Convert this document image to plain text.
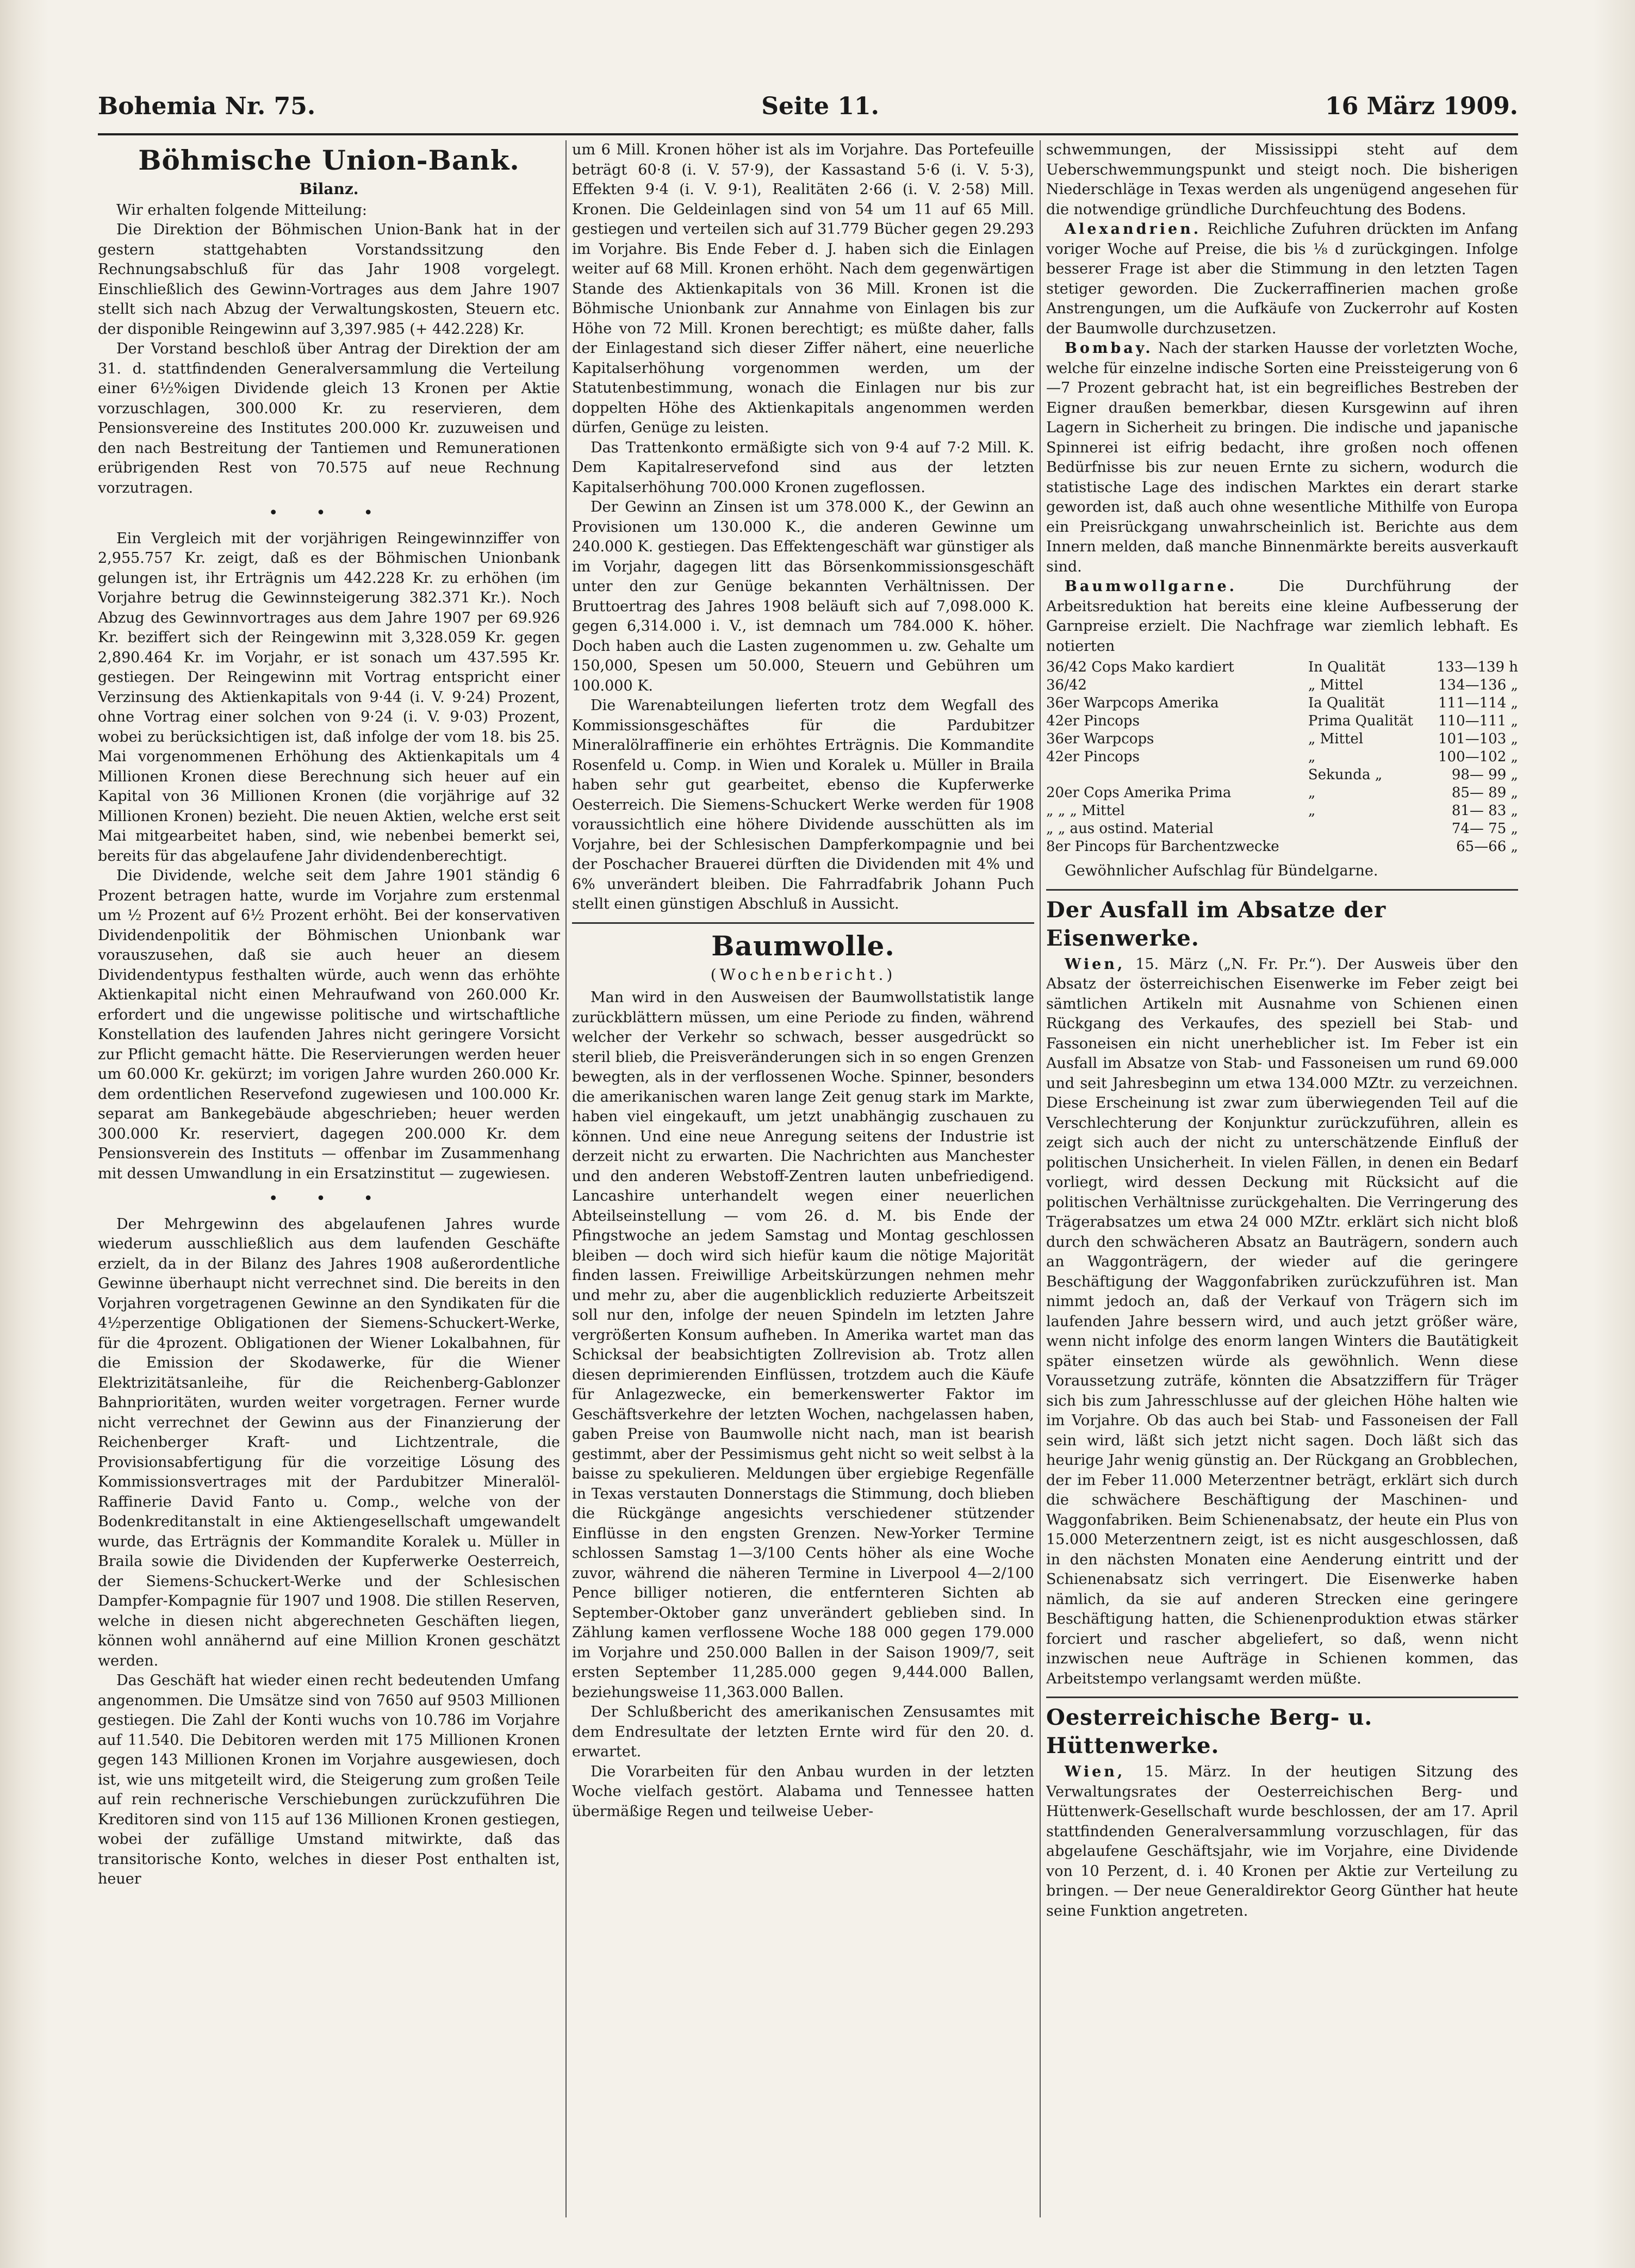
Bohemia Nr. 75.	Seite 11.	16 März 1909.
Böhmische Union-Bank.
Bilanz.

Wir erhalten folgende Mitteilung:

Die Direktion der Böhmischen Union-Bank hat in der gestern stattgehabten Vorstandssitzung den Rechnungsabschluß für das Jahr 1908 vorgelegt. Einschließlich des Gewinn-Vortrages aus dem Jahre 1907 stellt sich nach Abzug der Verwaltungskosten, Steuern etc. der disponible Reingewinn auf 3,397.985 (+ 442.228) Kr.

Der Vorstand beschloß über Antrag der Direktion der am 31. d. stattfindenden Generalversammlung die Verteilung einer 6½%igen Dividende gleich 13 Kronen per Aktie vorzuschlagen, 300.000 Kr. zu reservieren, dem Pensionsvereine des Institutes 200.000 Kr. zuzuweisen und den nach Bestreitung der Tantiemen und Remunerationen erübrigenden Rest von 70.575 auf neue Rechnung vorzutragen.

• • •

Ein Vergleich mit der vorjährigen Reingewinnziffer von 2,955.757 Kr. zeigt, daß es der Böhmischen Unionbank gelungen ist, ihr Erträgnis um 442.228 Kr. zu erhöhen (im Vorjahre betrug die Gewinnsteigerung 382.371 Kr.). Noch Abzug des Gewinnvortrages aus dem Jahre 1907 per 69.926 Kr. beziffert sich der Reingewinn mit 3,328.059 Kr. gegen 2,890.464 Kr. im Vorjahr, er ist sonach um 437.595 Kr. gestiegen. Der Reingewinn mit Vortrag entspricht einer Verzinsung des Aktienkapitals von 9·44 (i. V. 9·24) Prozent, ohne Vortrag einer solchen von 9·24 (i. V. 9·03) Prozent, wobei zu berücksichtigen ist, daß infolge der vom 18. bis 25. Mai vorgenommenen Erhöhung des Aktienkapitals um 4 Millionen Kronen diese Berechnung sich heuer auf ein Kapital von 36 Millionen Kronen (die vorjährige auf 32 Millionen Kronen) bezieht. Die neuen Aktien, welche erst seit Mai mitgearbeitet haben, sind, wie nebenbei bemerkt sei, bereits für das abgelaufene Jahr dividendenberechtigt.

Die Dividende, welche seit dem Jahre 1901 ständig 6 Prozent betragen hatte, wurde im Vorjahre zum erstenmal um ½ Prozent auf 6½ Prozent erhöht. Bei der konservativen Dividendenpolitik der Böhmischen Unionbank war vorauszusehen, daß sie auch heuer an diesem Dividendentypus festhalten würde, auch wenn das erhöhte Aktienkapital nicht einen Mehraufwand von 260.000 Kr. erfordert und die ungewisse politische und wirtschaftliche Konstellation des laufenden Jahres nicht geringere Vorsicht zur Pflicht gemacht hätte. Die Reservierungen werden heuer um 60.000 Kr. gekürzt; im vorigen Jahre wurden 260.000 Kr. dem ordentlichen Reservefond zugewiesen und 100.000 Kr. separat am Bankegebäude abgeschrieben; heuer werden 300.000 Kr. reserviert, dagegen 200.000 Kr. dem Pensionsverein des Instituts — offenbar im Zusammenhang mit dessen Umwandlung in ein Ersatzinstitut — zugewiesen.

• • •

Der Mehrgewinn des abgelaufenen Jahres wurde wiederum ausschließlich aus dem laufenden Geschäfte erzielt, da in der Bilanz des Jahres 1908 außerordentliche Gewinne überhaupt nicht verrechnet sind. Die bereits in den Vorjahren vorgetragenen Gewinne an den Syndikaten für die 4½perzentige Obligationen der Siemens-Schuckert-Werke, für die 4prozent. Obligationen der Wiener Lokalbahnen, für die Emission der Skodawerke, für die Wiener Elektrizitätsanleihe, für die Reichenberg-Gablonzer Bahnprioritäten, wurden weiter vorgetragen. Ferner wurde nicht verrechnet der Gewinn aus der Finanzierung der Reichenberger Kraft- und Lichtzentrale, die Provisionsabfertigung für die vorzeitige Lösung des Kommissionsvertrages mit der Pardubitzer Mineralöl-Raffinerie David Fanto u. Comp., welche von der Bodenkreditanstalt in eine Aktiengesellschaft umgewandelt wurde, das Erträgnis der Kommandite Koralek u. Müller in Braila sowie die Dividenden der Kupferwerke Oesterreich, der Siemens-Schuckert-Werke und der Schlesischen Dampfer-Kompagnie für 1907 und 1908. Die stillen Reserven, welche in diesen nicht abgerechneten Geschäften liegen, können wohl annähernd auf eine Million Kronen geschätzt werden.

Das Geschäft hat wieder einen recht bedeutenden Umfang angenommen. Die Umsätze sind von 7650 auf 9503 Millionen gestiegen. Die Zahl der Konti wuchs von 10.786 im Vorjahre auf 11.540. Die Debitoren werden mit 175 Millionen Kronen gegen 143 Millionen Kronen im Vorjahre ausgewiesen, doch ist, wie uns mitgeteilt wird, die Steigerung zum großen Teile auf rein rechnerische Verschiebungen zurückzuführen Die Kreditoren sind von 115 auf 136 Millionen Kronen gestiegen, wobei der zufällige Umstand mitwirkte, daß das transitorische Konto, welches in dieser Post enthalten ist, heuer

um 6 Mill. Kronen höher ist als im Vorjahre. Das Portefeuille beträgt 60·8 (i. V. 57·9), der Kassastand 5·6 (i. V. 5·3), Effekten 9·4 (i. V. 9·1), Realitäten 2·66 (i. V. 2·58) Mill. Kronen. Die Geldeinlagen sind von 54 um 11 auf 65 Mill. gestiegen und verteilen sich auf 31.779 Bücher gegen 29.293 im Vorjahre. Bis Ende Feber d. J. haben sich die Einlagen weiter auf 68 Mill. Kronen erhöht. Nach dem gegenwärtigen Stande des Aktienkapitals von 36 Mill. Kronen ist die Böhmische Unionbank zur Annahme von Einlagen bis zur Höhe von 72 Mill. Kronen berechtigt; es müßte daher, falls der Einlagestand sich dieser Ziffer nähert, eine neuerliche Kapitalserhöhung vorgenommen werden, um der Statutenbestimmung, wonach die Einlagen nur bis zur doppelten Höhe des Aktienkapitals angenommen werden dürfen, Genüge zu leisten.

Das Trattenkonto ermäßigte sich von 9·4 auf 7·2 Mill. K. Dem Kapitalreservefond sind aus der letzten Kapitalserhöhung 700.000 Kronen zugeflossen.

Der Gewinn an Zinsen ist um 378.000 K., der Gewinn an Provisionen um 130.000 K., die anderen Gewinne um 240.000 K. gestiegen. Das Effektengeschäft war günstiger als im Vorjahr, dagegen litt das Börsenkommissionsgeschäft unter den zur Genüge bekannten Verhältnissen. Der Bruttoertrag des Jahres 1908 beläuft sich auf 7,098.000 K. gegen 6,314.000 i. V., ist demnach um 784.000 K. höher. Doch haben auch die Lasten zugenommen u. zw. Gehalte um 150,000, Spesen um 50.000, Steuern und Gebühren um 100.000 K.

Die Warenabteilungen lieferten trotz dem Wegfall des Kommissionsgeschäftes für die Pardubitzer Mineralölraffinerie ein erhöhtes Erträgnis. Die Kommandite Rosenfeld u. Comp. in Wien und Koralek u. Müller in Braila haben sehr gut gearbeitet, ebenso die Kupferwerke Oesterreich. Die Siemens-Schuckert Werke werden für 1908 voraussichtlich eine höhere Dividende ausschütten als im Vorjahre, bei der Schlesischen Dampferkompagnie und bei der Poschacher Brauerei dürften die Dividenden mit 4% und 6% unverändert bleiben. Die Fahrradfabrik Johann Puch stellt einen günstigen Abschluß in Aussicht.

Baumwolle.
(Wochenbericht.)

Man wird in den Ausweisen der Baumwollstatistik lange zurückblättern müssen, um eine Periode zu finden, während welcher der Verkehr so schwach, besser ausgedrückt so steril blieb, die Preisveränderungen sich in so engen Grenzen bewegten, als in der verflossenen Woche. Spinner, besonders die amerikanischen waren lange Zeit genug stark im Markte, haben viel eingekauft, um jetzt unabhängig zuschauen zu können. Und eine neue Anregung seitens der Industrie ist derzeit nicht zu erwarten. Die Nachrichten aus Manchester und den anderen Webstoff-Zentren lauten unbefriedigend. Lancashire unterhandelt wegen einer neuerlichen Abteilseinstellung — vom 26. d. M. bis Ende der Pfingstwoche an jedem Samstag und Montag geschlossen bleiben — doch wird sich hiefür kaum die nötige Majorität finden lassen. Freiwillige Arbeitskürzungen nehmen mehr und mehr zu, aber die augenblicklich reduzierte Arbeitszeit soll nur den, infolge der neuen Spindeln im letzten Jahre vergrößerten Konsum aufheben. In Amerika wartet man das Schicksal der beabsichtigten Zollrevision ab. Trotz allen diesen deprimierenden Einflüssen, trotzdem auch die Käufe für Anlagezwecke, ein bemerkenswerter Faktor im Geschäftsverkehre der letzten Wochen, nachgelassen haben, gaben Preise von Baumwolle nicht nach, man ist bearish gestimmt, aber der Pessimismus geht nicht so weit selbst à la baisse zu spekulieren. Meldungen über ergiebige Regenfälle in Texas verstauten Donnerstags die Stimmung, doch blieben die Rückgänge angesichts verschiedener stützender Einflüsse in den engsten Grenzen. New-Yorker Termine schlossen Samstag 1—3/100 Cents höher als eine Woche zuvor, während die näheren Termine in Liverpool 4—2/100 Pence billiger notieren, die entfernteren Sichten ab September-Oktober ganz unverändert geblieben sind. In Zählung kamen verflossene Woche 188 000 gegen 179.000 im Vorjahre und 250.000 Ballen in der Saison 1909/7, seit ersten September 11,285.000 gegen 9,444.000 Ballen, beziehungsweise 11,363.000 Ballen.

Der Schlußbericht des amerikanischen Zensusamtes mit dem Endresultate der letzten Ernte wird für den 20. d. erwartet.

Die Vorarbeiten für den Anbau wurden in der letzten Woche vielfach gestört. Alabama und Tennessee hatten übermäßige Regen und teilweise Ueber-

schwemmungen, der Mississippi steht auf dem Ueberschwemmungspunkt und steigt noch. Die bisherigen Niederschläge in Texas werden als ungenügend angesehen für die notwendige gründliche Durchfeuchtung des Bodens.

Alexandrien. Reichliche Zufuhren drückten im Anfang voriger Woche auf Preise, die bis ⅛ d zurückgingen. Infolge besserer Frage ist aber die Stimmung in den letzten Tagen stetiger geworden. Die Zuckerraffinerien machen große Anstrengungen, um die Aufkäufe von Zuckerrohr auf Kosten der Baumwolle durchzusetzen.

Bombay. Nach der starken Hausse der vorletzten Woche, welche für einzelne indische Sorten eine Preissteigerung von 6—7 Prozent gebracht hat, ist ein begreifliches Bestreben der Eigner draußen bemerkbar, diesen Kursgewinn auf ihren Lagern in Sicherheit zu bringen. Die indische und japanische Spinnerei ist eifrig bedacht, ihre großen noch offenen Bedürfnisse bis zur neuen Ernte zu sichern, wodurch die statistische Lage des indischen Marktes ein derart starke geworden ist, daß auch ohne wesentliche Mithilfe von Europa ein Preisrückgang unwahrscheinlich ist. Berichte aus dem Innern melden, daß manche Binnenmärkte bereits ausverkauft sind.

Baumwollgarne. Die Durchführung der Arbeitsreduktion hat bereits eine kleine Aufbesserung der Garnpreise erzielt. Die Nachfrage war ziemlich lebhaft. Es notierten

36/42 Cops Mako kardiert	In Qualität	133—139 h
36/42	„ Mittel	134—136 „
36er Warpcops Amerika	Ia Qualität	111—114 „
42er Pincops	Prima Qualität	110—111 „
36er Warpcops	„ Mittel	101—103 „
42er Pincops	„	100—102 „
	Sekunda „	98— 99 „
20er Cops Amerika Prima	„	85— 89 „
„ „ „ Mittel	„	81— 83 „
„ „ aus ostind. Material		74— 75 „
8er Pincops für Barchentzwecke		65—66 „

Gewöhnlicher Aufschlag für Bündelgarne.

Der Ausfall im Absatze der Eisenwerke.

Wien, 15. März („N. Fr. Pr.“). Der Ausweis über den Absatz der österreichischen Eisenwerke im Feber zeigt bei sämtlichen Artikeln mit Ausnahme von Schienen einen Rückgang des Verkaufes, des speziell bei Stab- und Fassoneisen ein nicht unerheblicher ist. Im Feber ist ein Ausfall im Absatze von Stab- und Fassoneisen um rund 69.000 und seit Jahresbeginn um etwa 134.000 MZtr. zu verzeichnen. Diese Erscheinung ist zwar zum überwiegenden Teil auf die Verschlechterung der Konjunktur zurückzuführen, allein es zeigt sich auch der nicht zu unterschätzende Einfluß der politischen Unsicherheit. In vielen Fällen, in denen ein Bedarf vorliegt, wird dessen Deckung mit Rücksicht auf die politischen Verhältnisse zurückgehalten. Die Verringerung des Trägerabsatzes um etwa 24 000 MZtr. erklärt sich nicht bloß durch den schwächeren Absatz an Bauträgern, sondern auch an Waggonträgern, der wieder auf die geringere Beschäftigung der Waggonfabriken zurückzuführen ist. Man nimmt jedoch an, daß der Verkauf von Trägern sich im laufenden Jahre bessern wird, und auch jetzt größer wäre, wenn nicht infolge des enorm langen Winters die Bautätigkeit später einsetzen würde als gewöhnlich. Wenn diese Voraussetzung zuträfe, könnten die Absatzziffern für Träger sich bis zum Jahresschlusse auf der gleichen Höhe halten wie im Vorjahre. Ob das auch bei Stab- und Fassoneisen der Fall sein wird, läßt sich jetzt nicht sagen. Doch läßt sich das heurige Jahr wenig günstig an. Der Rückgang an Grobblechen, der im Feber 11.000 Meterzentner beträgt, erklärt sich durch die schwächere Beschäftigung der Maschinen- und Waggonfabriken. Beim Schienenabsatz, der heute ein Plus von 15.000 Meterzentnern zeigt, ist es nicht ausgeschlossen, daß in den nächsten Monaten eine Aenderung eintritt und der Schienenabsatz sich verringert. Die Eisenwerke haben nämlich, da sie auf anderen Strecken eine geringere Beschäftigung hatten, die Schienenproduktion etwas stärker forciert und rascher abgeliefert, so daß, wenn nicht inzwischen neue Aufträge in Schienen kommen, das Arbeitstempo verlangsamt werden müßte.

Oesterreichische Berg- u. Hüttenwerke.

Wien, 15. März. In der heutigen Sitzung des Verwaltungsrates der Oesterreichischen Berg- und Hüttenwerk-Gesellschaft wurde beschlossen, der am 17. April stattfindenden Generalversammlung vorzuschlagen, für das abgelaufene Geschäftsjahr, wie im Vorjahre, eine Dividende von 10 Perzent, d. i. 40 Kronen per Aktie zur Verteilung zu bringen. — Der neue Generaldirektor Georg Günther hat heute seine Funktion angetreten.
